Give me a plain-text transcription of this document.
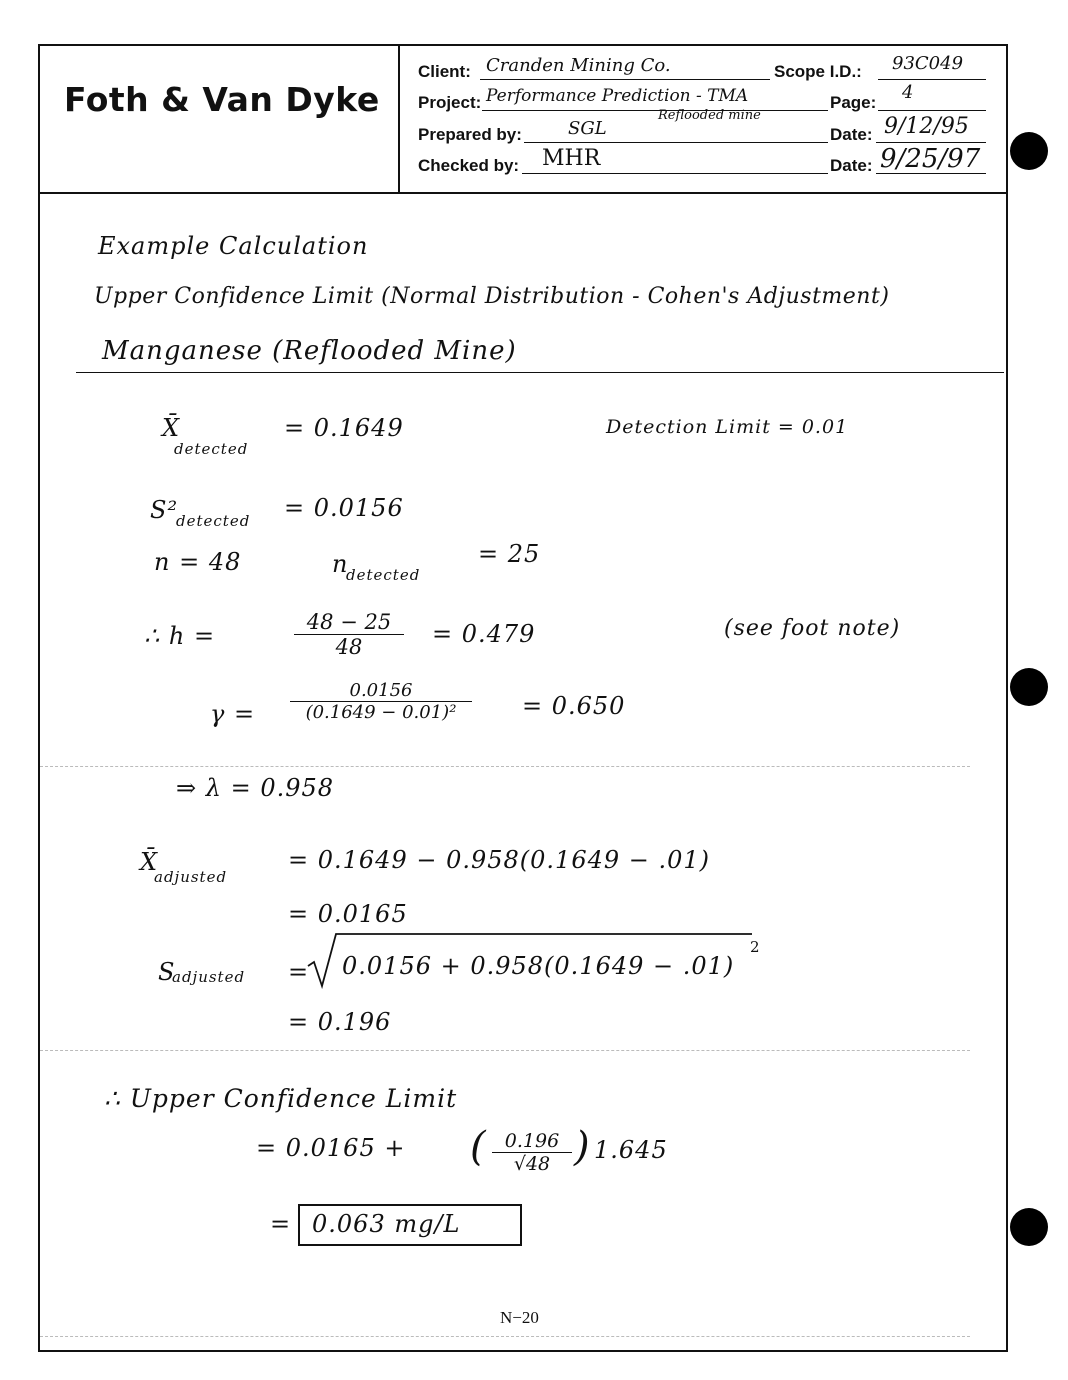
Foth & Van Dyke
Client: Cranden Mining Co.	Scope I.D.: 93C049
Project: Performance Prediction - TMA
Reflooded mine
Page: 4
Prepared by:	SGL	Date: 9/12/95
Checked by: MHR	Date: 9/25/97
Example Calculation
Upper Confidence Limit (Normal Distribution - Cohen's Adjustment)
Manganese (Reflooded Mine)
X̄
detected
= 0.1649	Detection Limit = 0.01
S²
detected = 0.0156
n = 48	n
detected
= 25
∴ h =	$\frac{48 - 25}{48} = 0.479$	(see foot note)
$\gamma = \frac{0.0156}{\text{(0.1649 − 0.01)²}} = 0.650$
⇒ λ = 0.958
X̄
adjusted
= 0.1649 − 0.958(0.1649 − .01)
= 0.0165
S
adjusted = 0.0156 + 0.958(0.1649 − .01)
2
= 0.196
∴ Upper Confidence Limit
= 0.0165 + ( $\frac{0.196}{√48}$ ) 1.645
= 0.063 mg/L
N−20
